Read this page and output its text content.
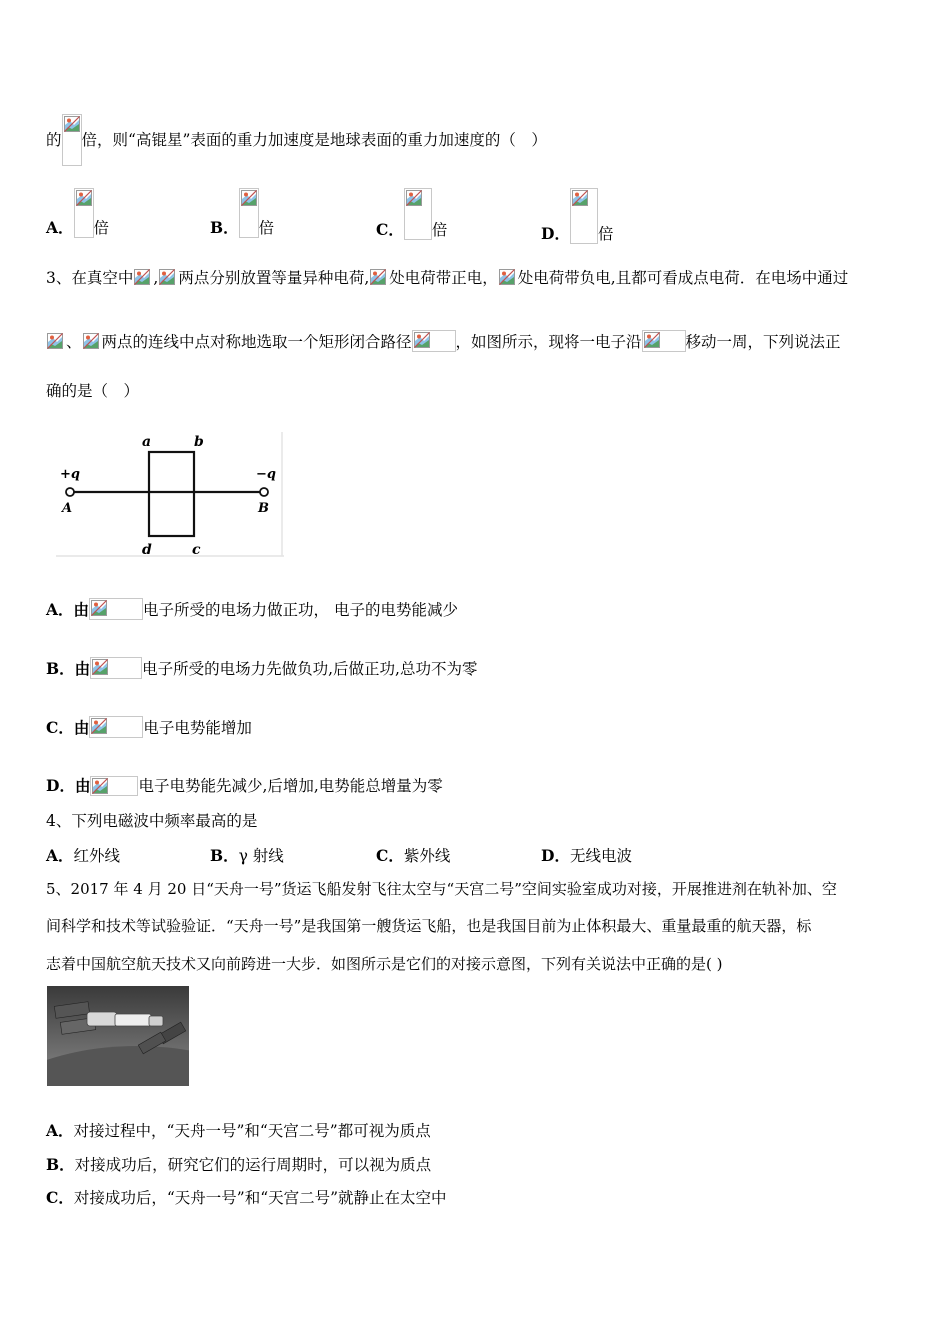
的 倍，则“高锟星”表面的重力加速度是地球表面的重力加速度的（　）
A． 倍	B． 倍	C． 倍	D． 倍
3、在真空中 , 两点分别放置等量异种电荷, 处电荷带正电， 处电荷带负电,且都可看成点电荷．在电场中通过
、 两点的连线中点对称地选取一个矩形闭合路径	，如图所示，现将一电子沿	移动一周，下列说法正
确的是（　）
a	b
c
d
+q	−q
A	B
A．由	电子所受的电场力做正功， 电子的电势能减少
B．由	电子所受的电场力先做负功,后做正功,总功不为零
C．由	电子电势能增加
D．由	电子电势能先减少,后增加,电势能总增量为零
4、下列电磁波中频率最高的是
A．红外线	B．γ 射线	C．紫外线	D．无线电波
5、2017 年 4 月 20 日“天舟一号”货运飞船发射飞往太空与“天宫二号”空间实验室成功对接，开展推进剂在轨补加、空
间科学和技术等试验验证．“天舟一号”是我国第一艘货运飞船，也是我国目前为止体积最大、重量最重的航天器，标
志着中国航空航天技术又向前跨进一大步．如图所示是它们的对接示意图，下列有关说法中正确的是( )
A．对接过程中，“天舟一号”和“天宫二号”都可视为质点
B．对接成功后，研究它们的运行周期时，可以视为质点
C．对接成功后，“天舟一号”和“天宫二号”就静止在太空中
